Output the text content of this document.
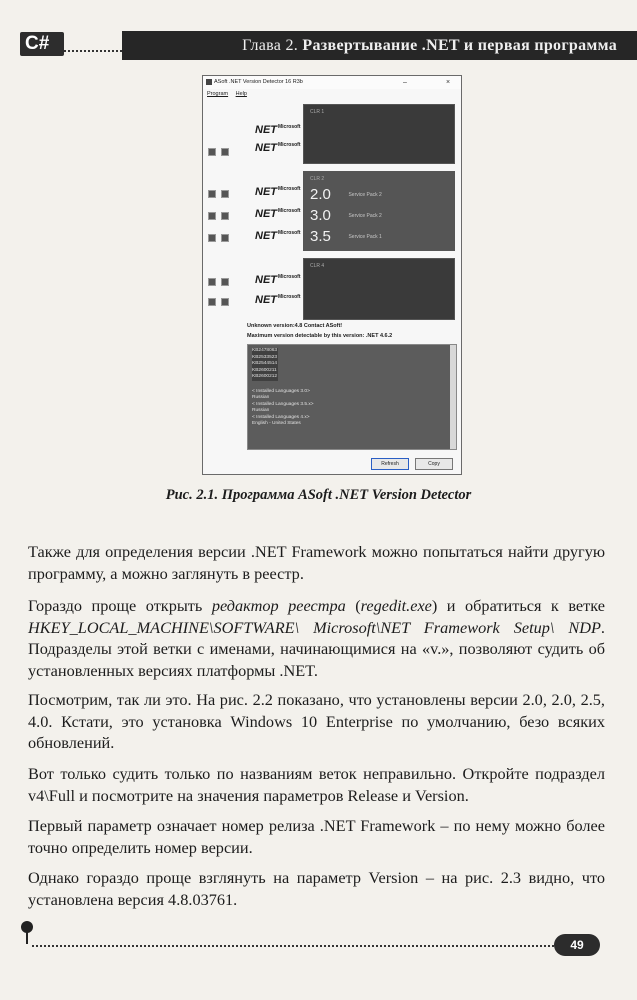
C#	Глава 2. Развертывание .NET и первая программа
ASoft .NET Version Detector 16 R3b	–	×
Program Help
$NET^{Microsoft}$
$NET^{Microsoft}$
$NET^{Microsoft}$
$NET^{Microsoft}$
$NET^{Microsoft}$
$NET^{Microsoft}$
$NET^{Microsoft}$
CLR 1
CLR 2
2.0	Service Pack 2
3.0	Service Pack 2
3.5	Service Pack 1
CLR 4
Unknown version:4.8 Contact ASoft!
Maximum version detectable by this version: .NET 4.6.2
KB2478063
KB2533523
KB2544514
KB2600211
KB2600212
< Installed Languages 3.0>
Russian
< Installed Languages 3.5.x>
Russian
< Installed Languages 4.x>
English - United States
Refresh	Copy
Рис. 2.1. Программа ASoft .NET Version Detector

Также для определения версии .NET Framework можно попытаться найти другую программу, а можно заглянуть в реестр.

Гораздо проще открыть редактор реестра (regedit.exe) и обратиться к ветке HKEY_LOCAL_MACHINE\SOFTWARE\ Microsoft\NET Framework Setup\ NDP. Подразделы этой ветки с именами, начинающимися на «v.», позволяют судить об установленных версиях платформы .NET.

Посмотрим, так ли это. На рис. 2.2 показано, что установлены версии 2.0, 2.0, 2.5, 4.0. Кстати, это установка Windows 10 Enterprise по умолчанию, безо всяких обновлений.

Вот только судить только по названиям веток неправильно. Откройте подраздел v4\Full и посмотрите на значения параметров Release и Version.

Первый параметр означает номер релиза .NET Framework – по нему можно более точно определить номер версии.

Однако гораздо проще взглянуть на параметр Version – на рис. 2.3 видно, что установлена версия 4.8.03761.

49
